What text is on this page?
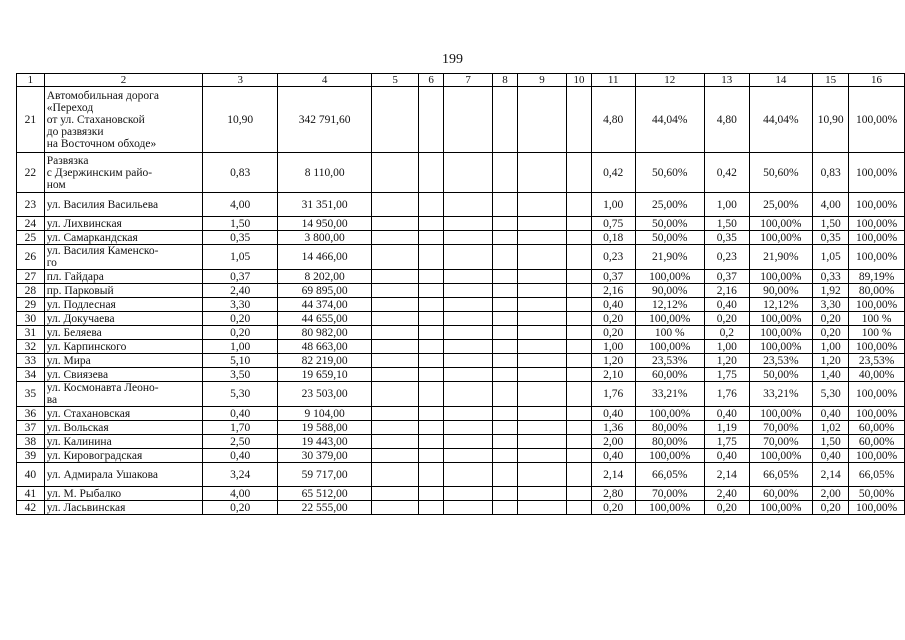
199
1	2	3	4	5	6	7	8	9	10	11	12	13	14	15	16
21	Автомобильная дорога
«Переход
от ул. Стахановской
до развязки
на Восточном обходе»	10,90	342 791,60							4,80	44,04%	4,80	44,04%	10,90	100,00%
22	Развязка
с Дзержинским райо-
ном	0,83	8 110,00							0,42	50,60%	0,42	50,60%	0,83	100,00%
23	ул. Василия Васильева	4,00	31 351,00							1,00	25,00%	1,00	25,00%	4,00	100,00%
24	ул. Лихвинская	1,50	14 950,00							0,75	50,00%	1,50	100,00%	1,50	100,00%
25	ул. Самаркандская	0,35	3 800,00							0,18	50,00%	0,35	100,00%	0,35	100,00%
26	ул. Василия Каменско-
го	1,05	14 466,00							0,23	21,90%	0,23	21,90%	1,05	100,00%
27	пл. Гайдара	0,37	8 202,00							0,37	100,00%	0,37	100,00%	0,33	89,19%
28	пр. Парковый	2,40	69 895,00							2,16	90,00%	2,16	90,00%	1,92	80,00%
29	ул. Подлесная	3,30	44 374,00							0,40	12,12%	0,40	12,12%	3,30	100,00%
30	ул. Докучаева	0,20	44 655,00							0,20	100,00%	0,20	100,00%	0,20	100 %
31	ул. Беляева	0,20	80 982,00							0,20	100 %	0,2	100,00%	0,20	100 %
32	ул. Карпинского	1,00	48 663,00							1,00	100,00%	1,00	100,00%	1,00	100,00%
33	ул. Мира	5,10	82 219,00							1,20	23,53%	1,20	23,53%	1,20	23,53%
34	ул. Свиязева	3,50	19 659,10							2,10	60,00%	1,75	50,00%	1,40	40,00%
35	ул. Космонавта Леоно-
ва	5,30	23 503,00							1,76	33,21%	1,76	33,21%	5,30	100,00%
36	ул. Стахановская	0,40	9 104,00							0,40	100,00%	0,40	100,00%	0,40	100,00%
37	ул. Вольская	1,70	19 588,00							1,36	80,00%	1,19	70,00%	1,02	60,00%
38	ул. Калинина	2,50	19 443,00							2,00	80,00%	1,75	70,00%	1,50	60,00%
39	ул. Кировоградская	0,40	30 379,00							0,40	100,00%	0,40	100,00%	0,40	100,00%
40	ул. Адмирала Ушакова	3,24	59 717,00							2,14	66,05%	2,14	66,05%	2,14	66,05%
41	ул. М. Рыбалко	4,00	65 512,00							2,80	70,00%	2,40	60,00%	2,00	50,00%
42	ул. Ласьвинская	0,20	22 555,00							0,20	100,00%	0,20	100,00%	0,20	100,00%
